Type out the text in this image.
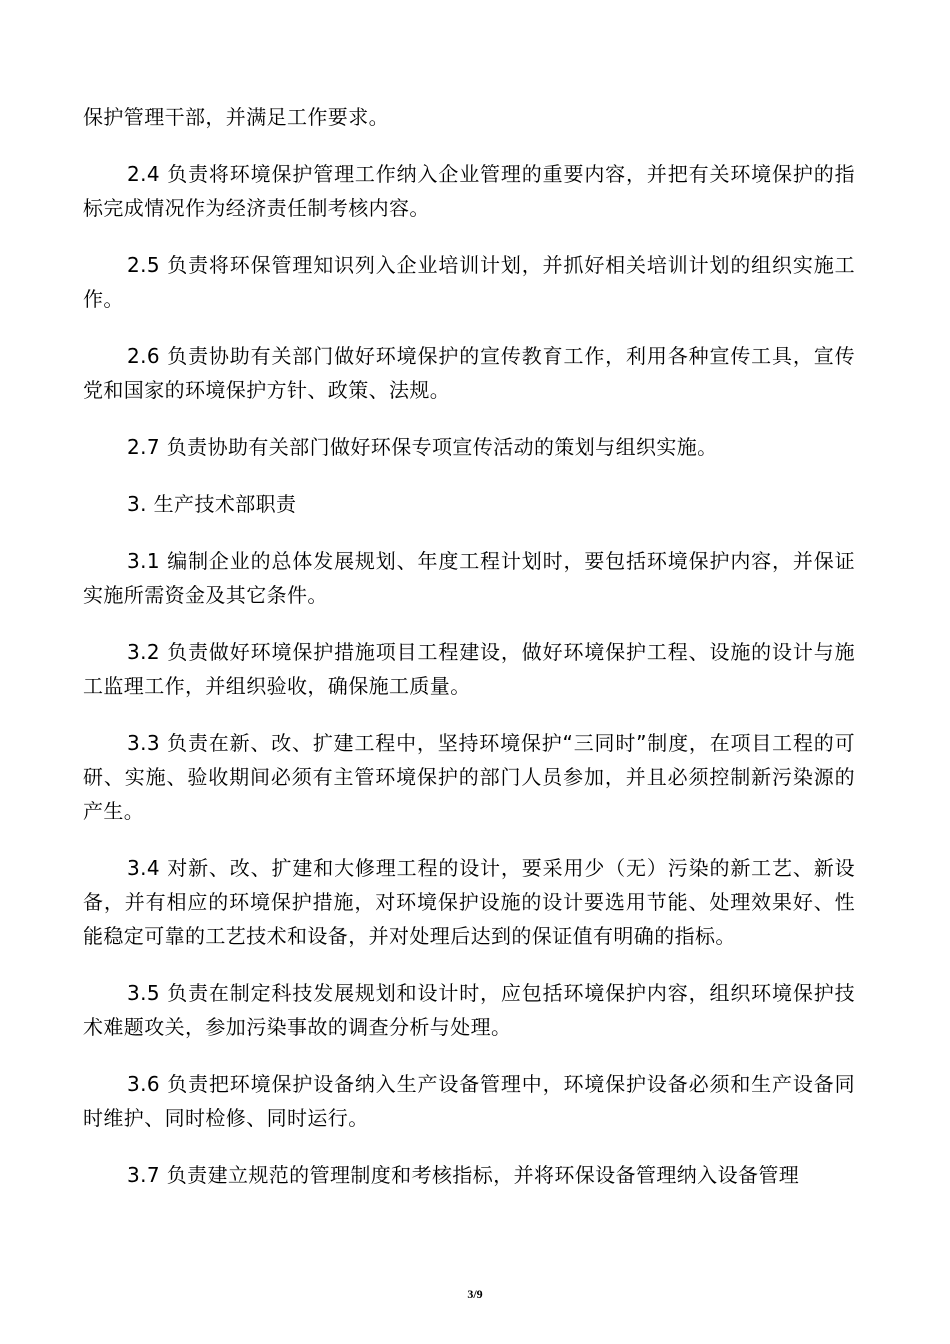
保护管理干部，并满足工作要求。

2.4 负责将环境保护管理工作纳入企业管理的重要内容，并把有关环境保护的指标完成情况作为经济责任制考核内容。

2.5 负责将环保管理知识列入企业培训计划，并抓好相关培训计划的组织实施工作。

2.6 负责协助有关部门做好环境保护的宣传教育工作，利用各种宣传工具，宣传党和国家的环境保护方针、政策、法规。

2.7 负责协助有关部门做好环保专项宣传活动的策划与组织实施。

3. 生产技术部职责

3.1 编制企业的总体发展规划、年度工程计划时，要包括环境保护内容，并保证实施所需资金及其它条件。

3.2 负责做好环境保护措施项目工程建设，做好环境保护工程、设施的设计与施工监理工作，并组织验收，确保施工质量。

3.3 负责在新、改、扩建工程中，坚持环境保护“三同时”制度，在项目工程的可研、实施、验收期间必须有主管环境保护的部门人员参加，并且必须控制新污染源的产生。

3.4 对新、改、扩建和大修理工程的设计，要采用少（无）污染的新工艺、新设备，并有相应的环境保护措施，对环境保护设施的设计要选用节能、处理效果好、性能稳定可靠的工艺技术和设备，并对处理后达到的保证值有明确的指标。

3.5 负责在制定科技发展规划和设计时，应包括环境保护内容，组织环境保护技术难题攻关，参加污染事故的调查分析与处理。

3.6 负责把环境保护设备纳入生产设备管理中，环境保护设备必须和生产设备同时维护、同时检修、同时运行。

3.7 负责建立规范的管理制度和考核指标，并将环保设备管理纳入设备管理

3/9
